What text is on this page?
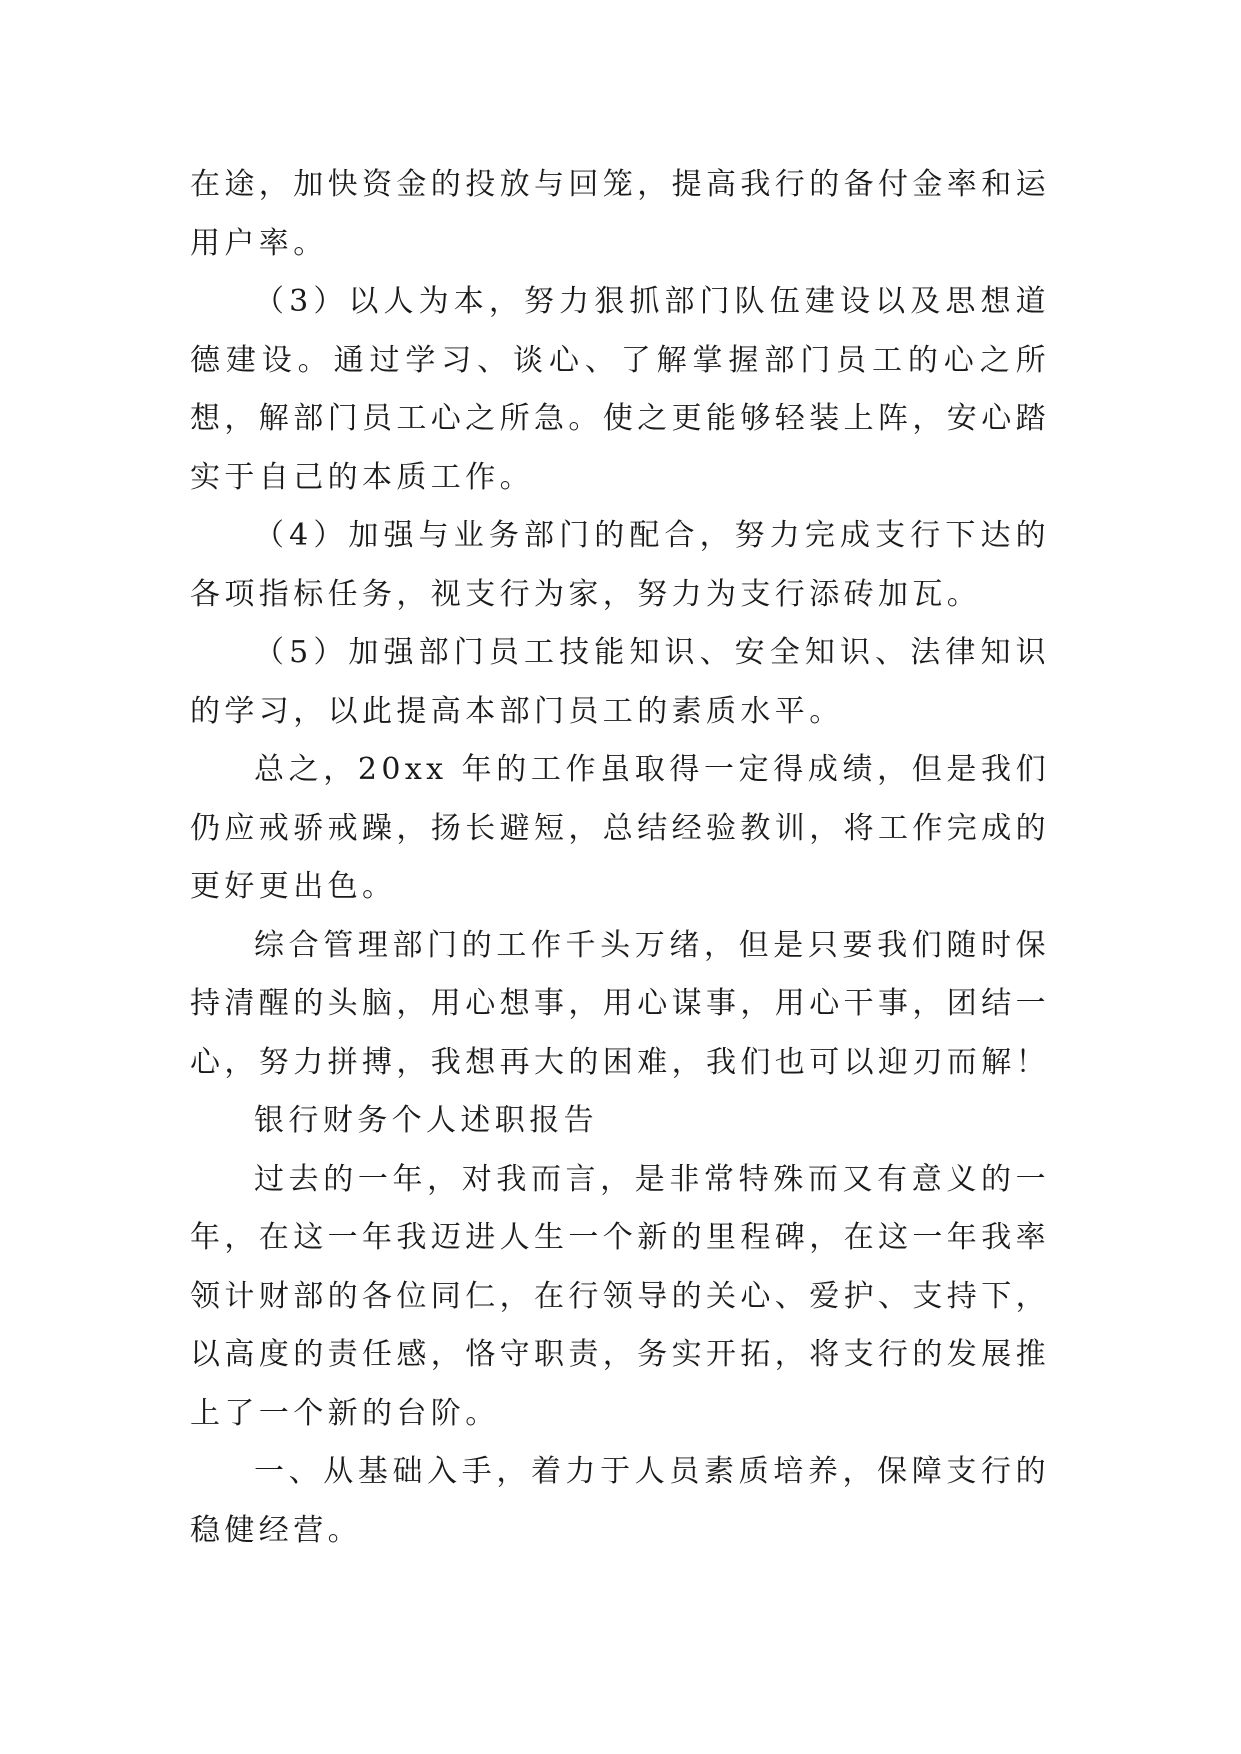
在途，加快资金的投放与回笼，提高我行的备付金率和运用户率。

（3）以人为本，努力狠抓部门队伍建设以及思想道德建设。通过学习、谈心、了解掌握部门员工的心之所想，解部门员工心之所急。使之更能够轻装上阵，安心踏实于自己的本质工作。

（4）加强与业务部门的配合，努力完成支行下达的各项指标任务，视支行为家，努力为支行添砖加瓦。

（5）加强部门员工技能知识、安全知识、法律知识的学习，以此提高本部门员工的素质水平。

总之，20xx 年的工作虽取得一定得成绩，但是我们仍应戒骄戒躁，扬长避短，总结经验教训，将工作完成的更好更出色。

综合管理部门的工作千头万绪，但是只要我们随时保持清醒的头脑，用心想事，用心谋事，用心干事，团结一心，努力拼搏，我想再大的困难，我们也可以迎刃而解！

银行财务个人述职报告

过去的一年，对我而言，是非常特殊而又有意义的一年，在这一年我迈进人生一个新的里程碑，在这一年我率领计财部的各位同仁，在行领导的关心、爱护、支持下，以高度的责任感，恪守职责，务实开拓，将支行的发展推上了一个新的台阶。

一、从基础入手，着力于人员素质培养，保障支行的稳健经营。
